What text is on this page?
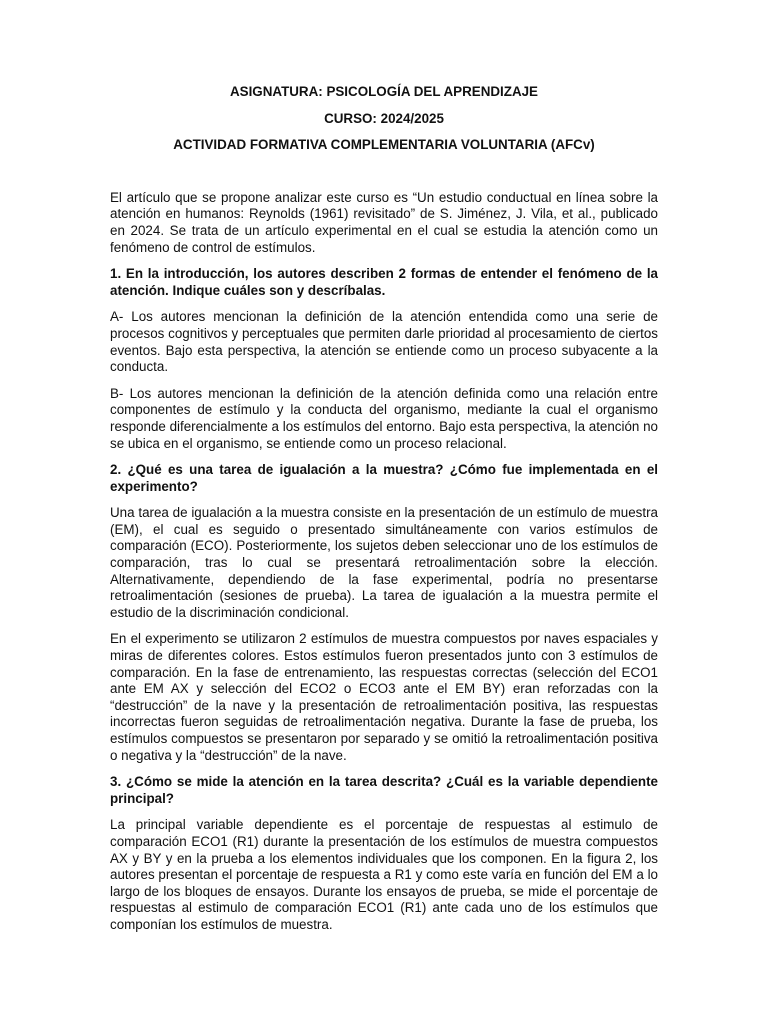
ASIGNATURA: PSICOLOGÍA DEL APRENDIZAJE
CURSO: 2024/2025
ACTIVIDAD FORMATIVA COMPLEMENTARIA VOLUNTARIA (AFCv)
El artículo que se propone analizar este curso es “Un estudio conductual en línea sobre la atención en humanos: Reynolds (1961) revisitado” de S. Jiménez, J. Vila, et al., publicado en 2024. Se trata de un artículo experimental en el cual se estudia la atención como un fenómeno de control de estímulos.
1. En la introducción, los autores describen 2 formas de entender el fenómeno de la atención. Indique cuáles son y descríbalas.
A- Los autores mencionan la definición de la atención entendida como una serie de procesos cognitivos y perceptuales que permiten darle prioridad al procesamiento de ciertos eventos. Bajo esta perspectiva, la atención se entiende como un proceso subyacente a la conducta.
B- Los autores mencionan la definición de la atención definida como una relación entre componentes de estímulo y la conducta del organismo, mediante la cual el organismo responde diferencialmente a los estímulos del entorno. Bajo esta perspectiva, la atención no se ubica en el organismo, se entiende como un proceso relacional.
2. ¿Qué es una tarea de igualación a la muestra? ¿Cómo fue implementada en el experimento?
Una tarea de igualación a la muestra consiste en la presentación de un estímulo de muestra (EM), el cual es seguido o presentado simultáneamente con varios estímulos de comparación (ECO). Posteriormente, los sujetos deben seleccionar uno de los estímulos de comparación, tras lo cual se presentará retroalimentación sobre la elección. Alternativamente, dependiendo de la fase experimental, podría no presentarse retroalimentación (sesiones de prueba). La tarea de igualación a la muestra permite el estudio de la discriminación condicional.
En el experimento se utilizaron 2 estímulos de muestra compuestos por naves espaciales y miras de diferentes colores. Estos estímulos fueron presentados junto con 3 estímulos de comparación. En la fase de entrenamiento, las respuestas correctas (selección del ECO1 ante EM AX y selección del ECO2 o ECO3 ante el EM BY) eran reforzadas con la “destrucción” de la nave y la presentación de retroalimentación positiva, las respuestas incorrectas fueron seguidas de retroalimentación negativa. Durante la fase de prueba, los estímulos compuestos se presentaron por separado y se omitió la retroalimentación positiva o negativa y la “destrucción” de la nave.
3. ¿Cómo se mide la atención en la tarea descrita? ¿Cuál es la variable dependiente principal?
La principal variable dependiente es el porcentaje de respuestas al estimulo de comparación ECO1 (R1) durante la presentación de los estímulos de muestra compuestos AX y BY y en la prueba a los elementos individuales que los componen. En la figura 2, los autores presentan el porcentaje de respuesta a R1 y como este varía en función del EM a lo largo de los bloques de ensayos. Durante los ensayos de prueba, se mide el porcentaje de respuestas al estimulo de comparación ECO1 (R1) ante cada uno de los estímulos que componían los estímulos de muestra.
